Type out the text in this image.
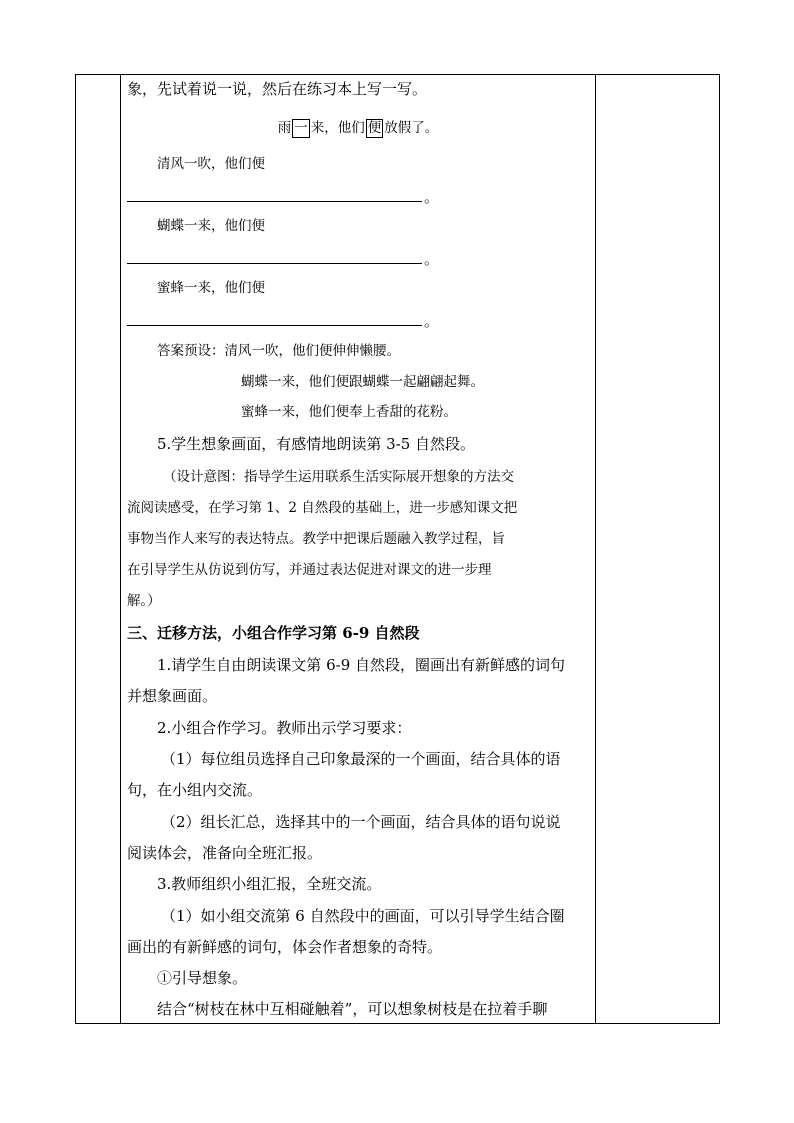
象，先试着说一说，然后在练习本上写一写。
雨 一 来，他们 便 放假了。
清风一吹，他们便
。
蝴蝶一来，他们便
。
蜜蜂一来，他们便
。
答案预设：清风一吹，他们便伸伸懒腰。
蝴蝶一来，他们便跟蝴蝶一起翩翩起舞。
蜜蜂一来，他们便奉上香甜的花粉。
5.学生想象画面，有感情地朗读第 3-5 自然段。
（设计意图：指导学生运用联系生活实际展开想象的方法交
流阅读感受，在学习第 1、2 自然段的基础上，进一步感知课文把
事物当作人来写的表达特点。教学中把课后题融入教学过程，旨
在引导学生从仿说到仿写，并通过表达促进对课文的进一步理
解。）
三、迁移方法，小组合作学习第 6-9 自然段
1.请学生自由朗读课文第 6-9 自然段，圈画出有新鲜感的词句
并想象画面。
2.小组合作学习。教师出示学习要求：
（1）每位组员选择自己印象最深的一个画面，结合具体的语
句，在小组内交流。
（2）组长汇总，选择其中的一个画面，结合具体的语句说说
阅读体会，准备向全班汇报。
3.教师组织小组汇报，全班交流。
（1）如小组交流第 6 自然段中的画面，可以引导学生结合圈
画出的有新鲜感的词句，体会作者想象的奇特。
①引导想象。
结合“树枝在林中互相碰触着”，可以想象树枝是在拉着手聊
